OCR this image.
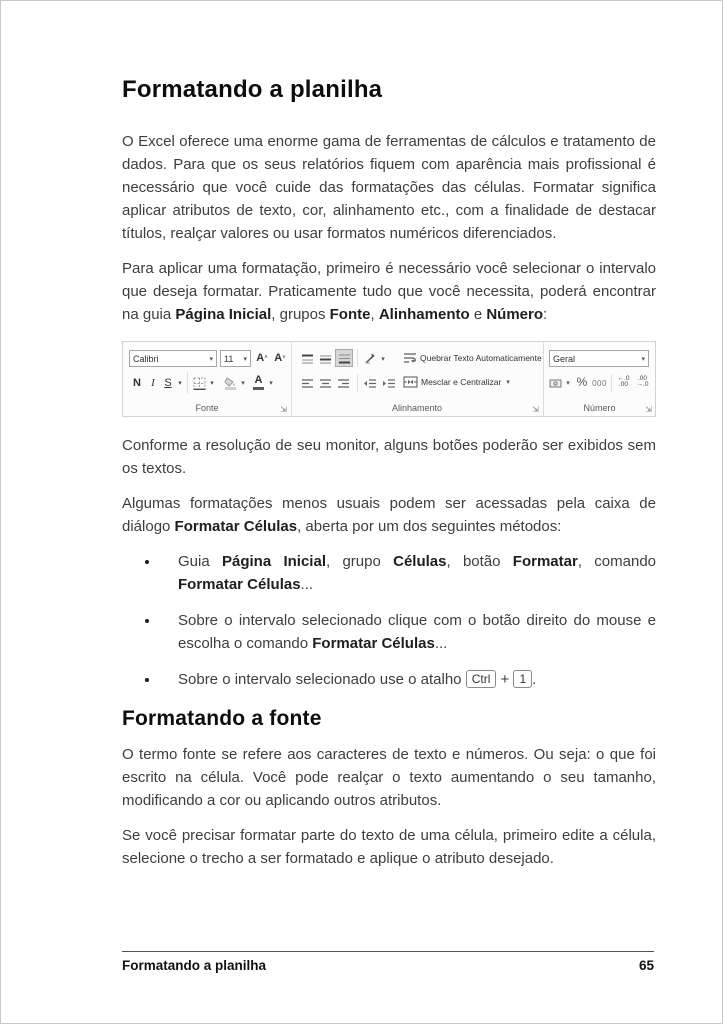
Formatando a planilha

O Excel oferece uma enorme gama de ferramentas de cálculos e tratamento de dados. Para que os seus relatórios fiquem com aparência mais profissional é necessário que você cuide das formatações das células. Formatar significa aplicar atributos de texto, cor, alinhamento etc., com a finalidade de destacar títulos, realçar valores ou usar formatos numéricos diferenciados.

Para aplicar uma formatação, primeiro é necessário você selecionar o intervalo que deseja formatar. Praticamente tudo que você necessita, poderá encontrar na guia Página Inicial, grupos Fonte, Alinhamento e Número:

Calibri	▾ 11 ▾ A ˄ A ˅
N I S ▾	▾	▾ A ▾
Fonte	⇲
▾	Quebrar Texto Automaticamente
Mesclar e Centralizar ▾
Alinhamento	⇲
Geral	▾
▾ % 000 ←.0
.00
.00
→.0
Número	⇲

Conforme a resolução de seu monitor, alguns botões poderão ser exibidos sem os textos.

Algumas formatações menos usuais podem ser acessadas pela caixa de diálogo Formatar Células, aberta por um dos seguintes métodos:

• Guia Página Inicial, grupo Células, botão Formatar, comando Formatar Células...
• Sobre o intervalo selecionado clique com o botão direito do mouse e escolha o comando Formatar Células...
• Sobre o intervalo selecionado use o atalho Ctrl + 1 .
Formatando a fonte

O termo fonte se refere aos caracteres de texto e números. Ou seja: o que foi escrito na célula. Você pode realçar o texto aumentando o seu tamanho, modificando a cor ou aplicando outros atributos.

Se você precisar formatar parte do texto de uma célula, primeiro edite a célula, selecione o trecho a ser formatado e aplique o atributo desejado.

Formatando a planilha	65
